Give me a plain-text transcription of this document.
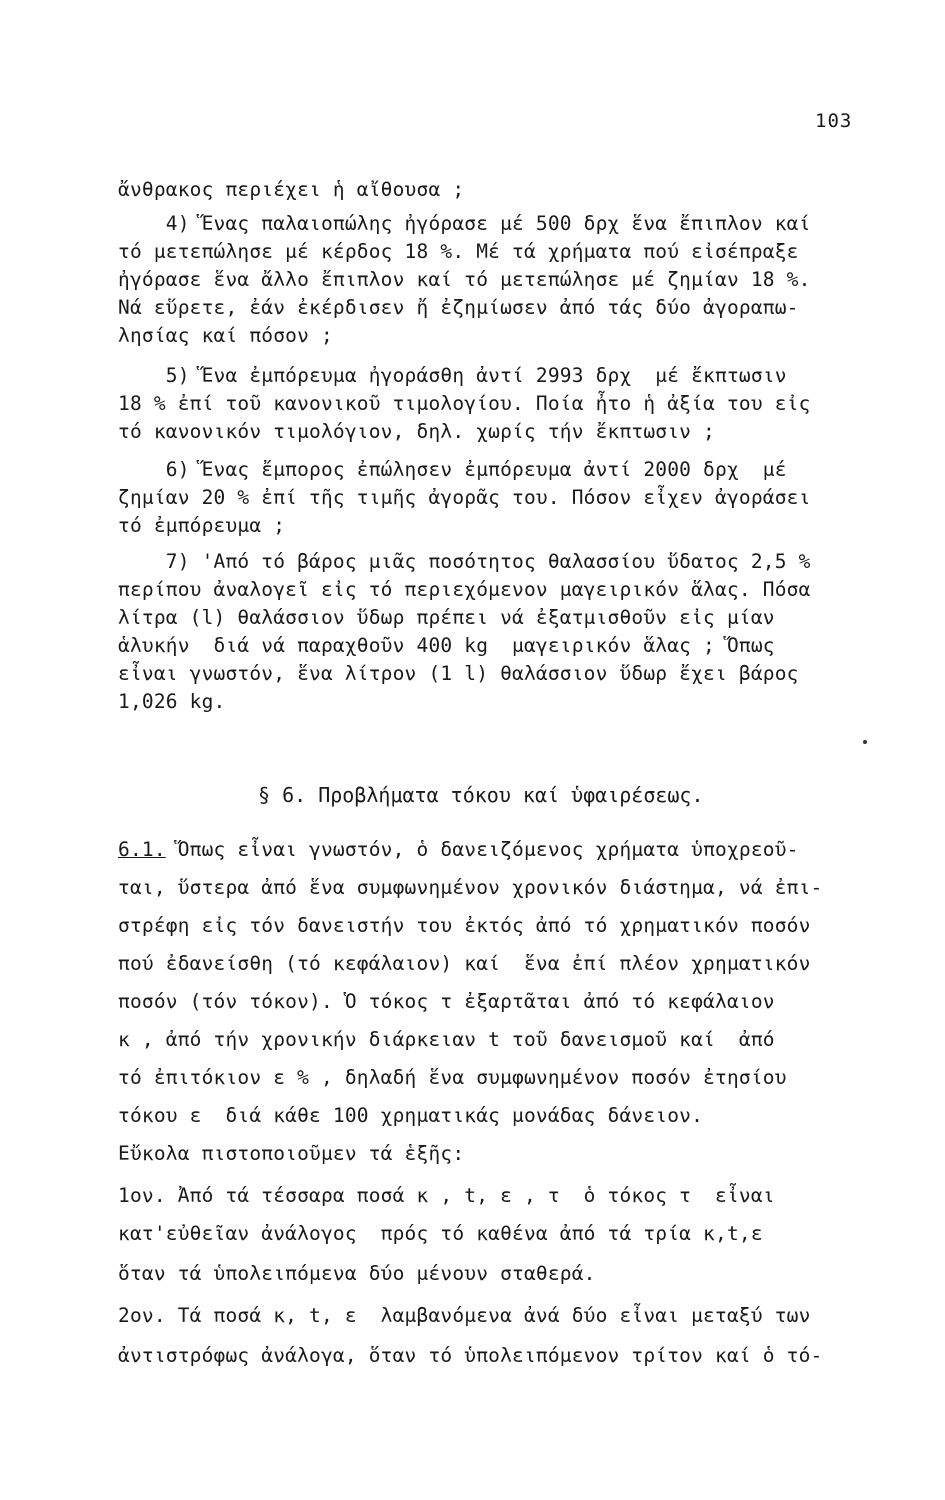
103
ἄνθρακος περιέχει ἡ αἴθουσα ;
4) Ἕνας παλαιοπώλης ἠγόρασε μέ 500 δρχ ἕνα ἔπιπλον καί
τό μετεπώλησε μέ κέρδος 18 %. Μέ τά χρήματα πού εἰσέπραξε
ἠγόρασε ἕνα ἄλλο ἔπιπλον καί τό μετεπώλησε μέ ζημίαν 18 %.
Νά εὕρετε, ἐάν ἐκέρδισεν ἤ ἐζημίωσεν ἀπό τάς δύο ἀγοραπω-
λησίας καί πόσον ;
5) Ἕνα ἐμπόρευμα ἠγοράσθη ἀντί 2993 δρχ  μέ ἔκπτωσιν
18 % ἐπί τοῦ κανονικοῦ τιμολογίου. Ποία ἦτο ἡ ἀξία του εἰς
τό κανονικόν τιμολόγιον, δηλ. χωρίς τήν ἔκπτωσιν ;
6) Ἕνας ἔμπορος ἐπώλησεν ἐμπόρευμα ἀντί 2000 δρχ  μέ
ζημίαν 20 % ἐπί τῆς τιμῆς ἀγορᾶς του. Πόσον εἶχεν ἀγοράσει
τό ἐμπόρευμα ;
7) 'Από τό βάρος μιᾶς ποσότητος θαλασσίου ὕδατος 2,5 %
περίπου ἀναλογεῖ εἰς τό περιεχόμενον μαγειρικόν ἅλας. Πόσα
λίτρα (l) θαλάσσιον ὕδωρ πρέπει νά ἐξατμισθοῦν εἰς μίαν
ἁλυκήν  διά νά παραχθοῦν 400 kg  μαγειρικόν ἅλας ; Ὅπως
εἶναι γνωστόν, ἕνα λίτρον (1 l) θαλάσσιον ὕδωρ ἔχει βάρος
1,026 kg.
§ 6. Προβλήματα τόκου καί ὑφαιρέσεως.
6.1. Ὅπως εἶναι γνωστόν, ὁ δανειζόμενος χρήματα ὑποχρεοῦ-
ται, ὕστερα ἀπό ἕνα συμφωνημένον χρονικόν διάστημα, νά ἐπι-
στρέφη εἰς τόν δανειστήν του ἐκτός ἀπό τό χρηματικόν ποσόν
πού ἐδανείσθη (τό κεφάλαιον) καί  ἕνα ἐπί πλέον χρηματικόν
ποσόν (τόν τόκον). Ὁ τόκος τ ἐξαρτᾶται ἀπό τό κεφάλαιον
κ , ἀπό τήν χρονικήν διάρκειαν t τοῦ δανεισμοῦ καί  ἀπό
τό ἐπιτόκιον ε % , δηλαδή ἕνα συμφωνημένον ποσόν ἐτησίου
τόκου ε  διά κάθε 100 χρηματικάς μονάδας δάνειον.
Εὔκολα πιστοποιοῦμεν τά ἑξῆς:
1ον. Ἀπό τά τέσσαρα ποσά κ , t, ε , τ  ὁ τόκος τ  εἶναι
κατ'εὐθεῖαν ἀνάλογος  πρός τό καθένα ἀπό τά τρία κ,t,ε
ὅταν τά ὑπολειπόμενα δύο μένουν σταθερά.
2ον. Τά ποσά κ, t, ε  λαμβανόμενα ἀνά δύο εἶναι μεταξύ των
ἀντιστρόφως ἀνάλογα, ὅταν τό ὑπολειπόμενον τρίτον καί ὁ τό-
